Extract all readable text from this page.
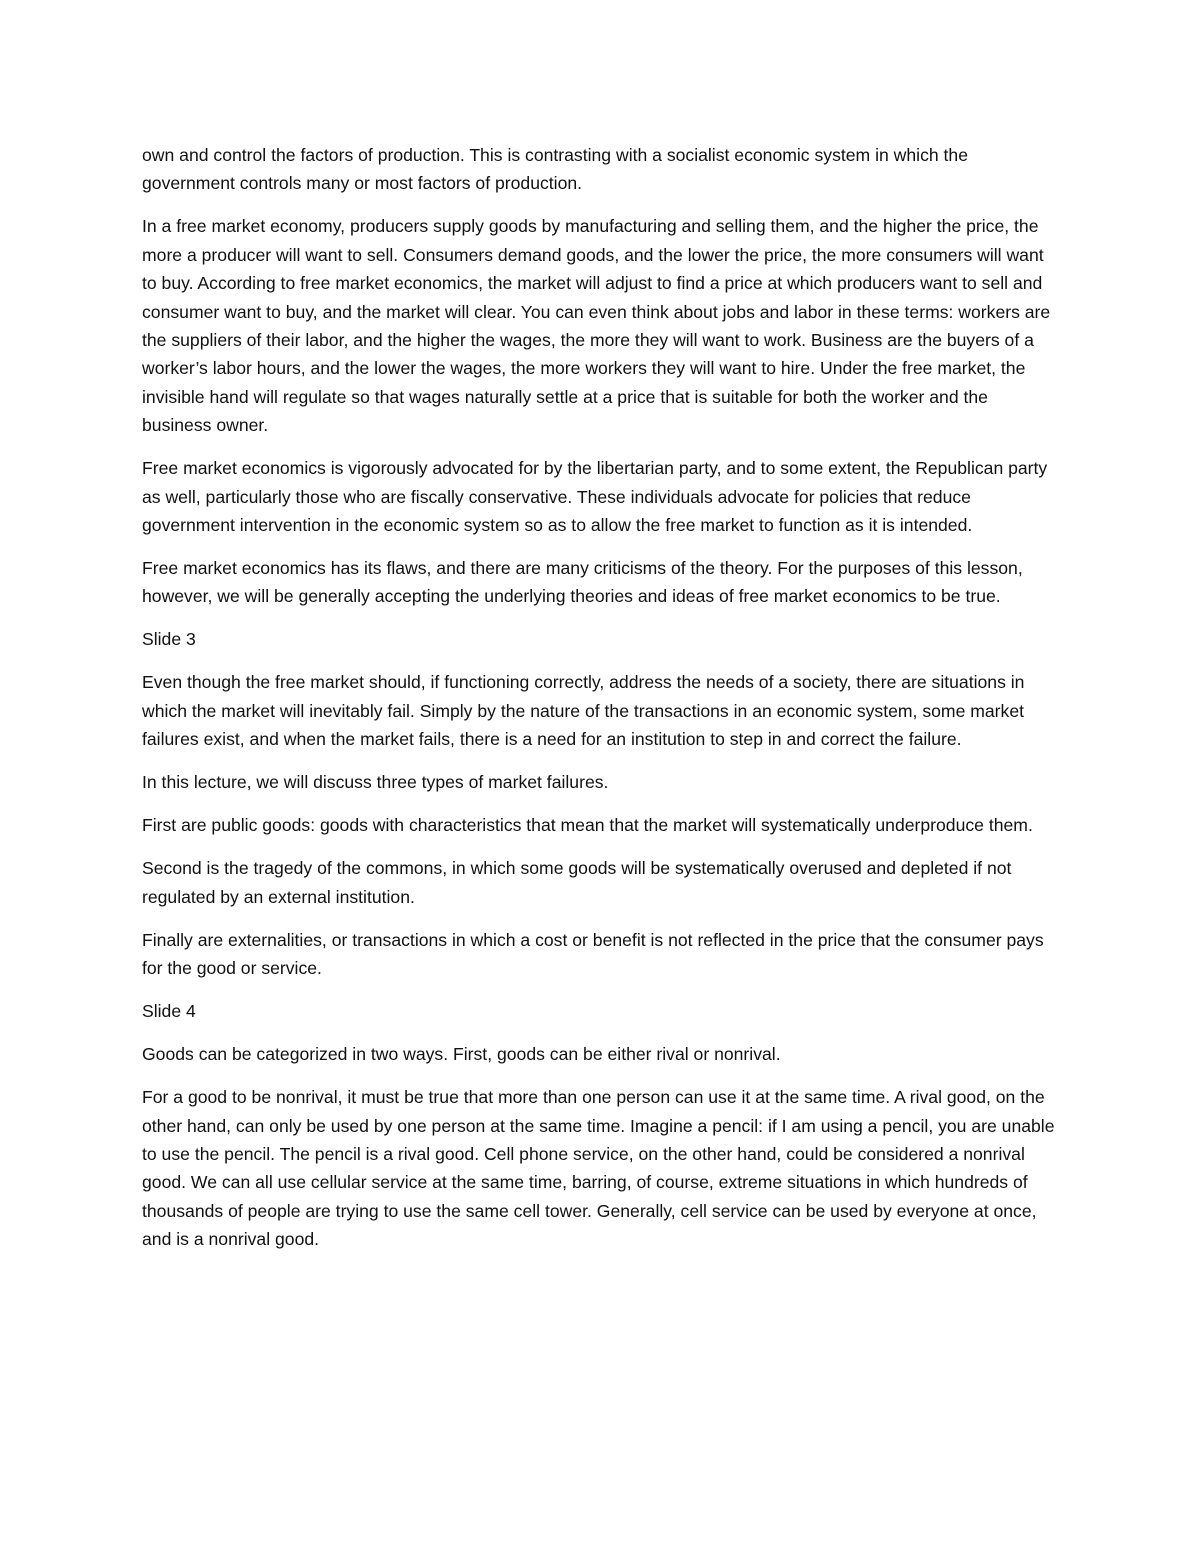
own and control the factors of production. This is contrasting with a socialist economic system in which the government controls many or most factors of production.

In a free market economy, producers supply goods by manufacturing and selling them, and the higher the price, the more a producer will want to sell. Consumers demand goods, and the lower the price, the more consumers will want to buy. According to free market economics, the market will adjust to find a price at which producers want to sell and consumer want to buy, and the market will clear. You can even think about jobs and labor in these terms: workers are the suppliers of their labor, and the higher the wages, the more they will want to work. Business are the buyers of a worker’s labor hours, and the lower the wages, the more workers they will want to hire. Under the free market, the invisible hand will regulate so that wages naturally settle at a price that is suitable for both the worker and the business owner.

Free market economics is vigorously advocated for by the libertarian party, and to some extent, the Republican party as well, particularly those who are fiscally conservative. These individuals advocate for policies that reduce government intervention in the economic system so as to allow the free market to function as it is intended.

Free market economics has its flaws, and there are many criticisms of the theory. For the purposes of this lesson, however, we will be generally accepting the underlying theories and ideas of free market economics to be true.

Slide 3

Even though the free market should, if functioning correctly, address the needs of a society, there are situations in which the market will inevitably fail. Simply by the nature of the transactions in an economic system, some market failures exist, and when the market fails, there is a need for an institution to step in and correct the failure.

In this lecture, we will discuss three types of market failures.

First are public goods: goods with characteristics that mean that the market will systematically underproduce them.

Second is the tragedy of the commons, in which some goods will be systematically overused and depleted if not regulated by an external institution.

Finally are externalities, or transactions in which a cost or benefit is not reflected in the price that the consumer pays for the good or service.

Slide 4

Goods can be categorized in two ways. First, goods can be either rival or nonrival.

For a good to be nonrival, it must be true that more than one person can use it at the same time. A rival good, on the other hand, can only be used by one person at the same time. Imagine a pencil: if I am using a pencil, you are unable to use the pencil. The pencil is a rival good. Cell phone service, on the other hand, could be considered a nonrival good. We can all use cellular service at the same time, barring, of course, extreme situations in which hundreds of thousands of people are trying to use the same cell tower. Generally, cell service can be used by everyone at once, and is a nonrival good.
